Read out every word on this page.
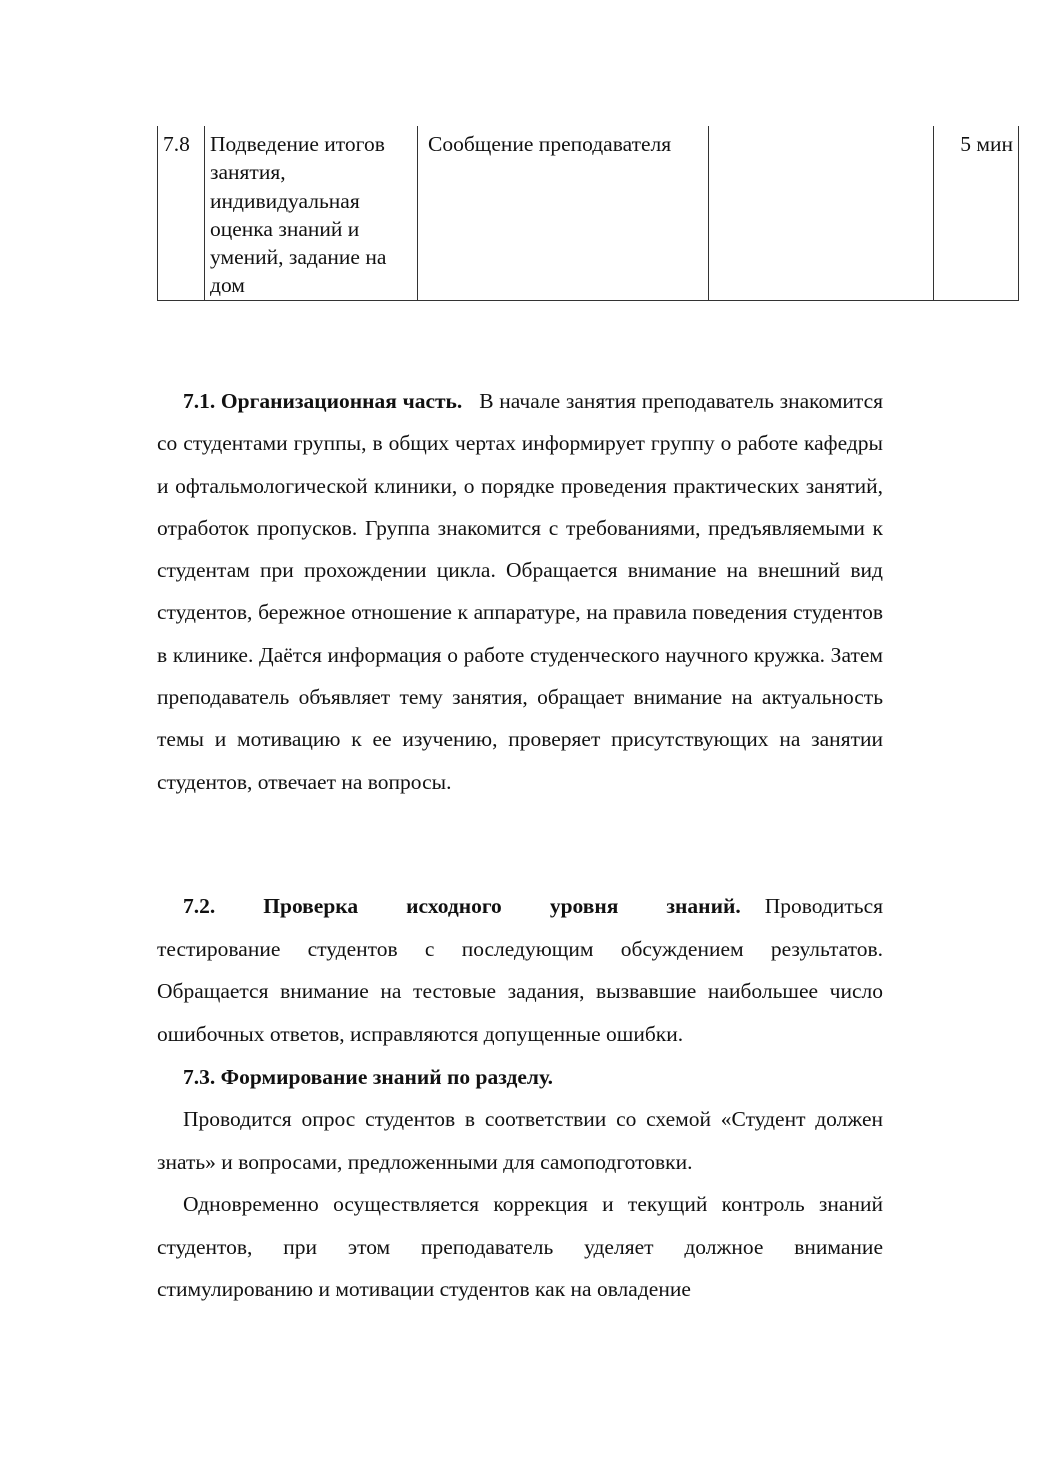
7.8	Подведение итогов занятия, индивидуальная оценка знаний и умений, задание на дом	Сообщение преподавателя		5 мин

7.1. Организационная часть. В начале занятия преподаватель знакомится со студентами группы, в общих чертах информирует группу о работе кафедры и офтальмологической клиники, о порядке проведения практических занятий, отработок пропусков. Группа знакомится с требованиями, предъявляемыми к студентам при прохождении цикла. Обращается внимание на внешний вид студентов, бережное отношение к аппаратуре, на правила поведения студентов в клинике. Даётся информация о работе студенческого научного кружка. Затем преподаватель объявляет тему занятия, обращает внимание на актуальность темы и мотивацию к ее изучению, проверяет присутствующих на занятии студентов, отвечает на вопросы.

7.2. Проверка исходного уровня знаний. Проводиться тестирование студентов с последующим обсуждением результатов. Обращается внимание на тестовые задания, вызвавшие наибольшее число ошибочных ответов, исправляются допущенные ошибки.

7.3. Формирование знаний по разделу.

Проводится опрос студентов в соответствии со схемой «Студент должен знать» и вопросами, предложенными для самоподготовки.

Одновременно осуществляется коррекция и текущий контроль знаний студентов, при этом преподаватель уделяет должное внимание стимулированию и мотивации студентов как на овладение
